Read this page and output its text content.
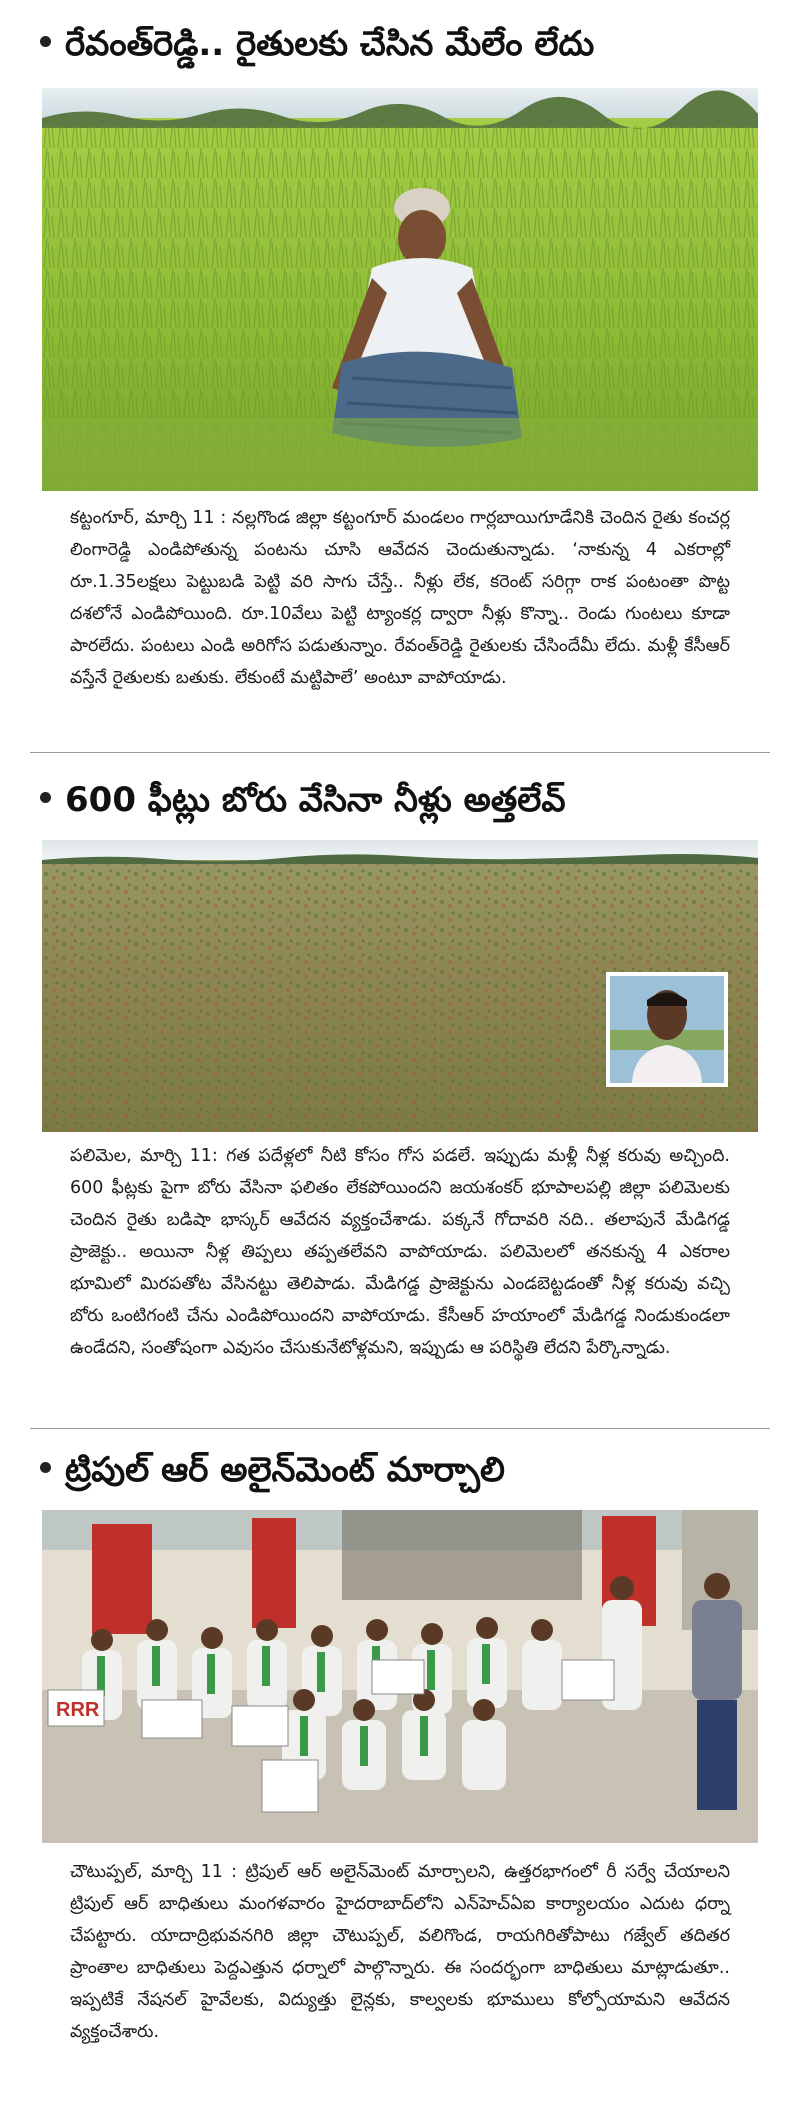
రేవంత్‌రెడ్డి.. రైతులకు చేసిన మేలేం లేదు
కట్టంగూర్, మార్చి 11 : నల్లగొండ జిల్లా కట్టంగూర్ మండలం గార్లబాయిగూడేనికి చెందిన రైతు కంచర్ల లింగారెడ్డి ఎండిపోతున్న పంటను చూసి ఆవేదన చెందుతున్నాడు. ‘నాకున్న 4 ఎకరాల్లో రూ.1.35లక్షలు పెట్టుబడి పెట్టి వరి సాగు చేస్తే.. నీళ్లు లేక, కరెంట్ సరిగ్గా రాక పంటంతా పొట్ట దశలోనే ఎండిపోయింది. రూ.10వేలు పెట్టి ట్యాంకర్ల ద్వారా నీళ్లు కొన్నా.. రెండు గుంటలు కూడా పారలేదు. పంటలు ఎండి అరిగోస పడుతున్నాం. రేవంత్‌రెడ్డి రైతులకు చేసిందేమీ లేదు. మళ్లీ కేసీఆర్ వస్తేనే రైతులకు బతుకు. లేకుంటే మట్టిపాలే’ అంటూ వాపోయాడు.
600 ఫీట్లు బోరు వేసినా నీళ్లు అత్తలేవ్
పలిమెల, మార్చి 11: గత పదేళ్లలో నీటి కోసం గోస పడలే. ఇప్పుడు మళ్లీ నీళ్ల కరువు అచ్చింది. 600 ఫీట్లకు పైగా బోరు వేసినా ఫలితం లేకపోయిందని జయశంకర్ భూపాలపల్లి జిల్లా పలిమెలకు చెందిన రైతు బడిషా భాస్కర్ ఆవేదన వ్యక్తంచేశాడు. పక్కనే గోదావరి నది.. తలాపునే మేడిగడ్డ ప్రాజెక్టు.. అయినా నీళ్ల తిప్పలు తప్పతలేవని వాపోయాడు. పలిమెలలో తనకున్న 4 ఎకరాల భూమిలో మిరపతోట వేసినట్టు తెలిపాడు. మేడిగడ్డ ప్రాజెక్టును ఎండబెట్టడంతో నీళ్ల కరువు వచ్చి బోరు ఒంటిగంటి చేను ఎండిపోయిందని వాపోయాడు. కేసీఆర్ హయాంలో మేడిగడ్డ నిండుకుండలా ఉండేదని, సంతోషంగా ఎవుసం చేసుకునేటోళ్లమని, ఇప్పుడు ఆ పరిస్థితి లేదని పేర్కొన్నాడు.
ట్రిపుల్ ఆర్ అలైన్‌మెంట్ మార్చాలి
RRR
చౌటుప్పల్, మార్చి 11 : ట్రిపుల్ ఆర్ అలైన్‌మెంట్ మార్చాలని, ఉత్తరభాగంలో రీ సర్వే చేయాలని ట్రిపుల్ ఆర్ బాధితులు మంగళవారం హైదరాబాద్‌లోని ఎన్‌హెచ్‌ఏఐ కార్యాలయం ఎదుట ధర్నా చేపట్టారు. యాదాద్రిభువనగిరి జిల్లా చౌటుప్పల్, వలిగొండ, రాయగిరితోపాటు గజ్వేల్ తదితర ప్రాంతాల బాధితులు పెద్దఎత్తున ధర్నాలో పాల్గొన్నారు. ఈ సందర్భంగా బాధితులు మాట్లాడుతూ.. ఇప్పటికే నేషనల్ హైవేలకు, విద్యుత్తు లైన్లకు, కాల్వలకు భూములు కోల్పోయామని ఆవేదన వ్యక్తంచేశారు.
